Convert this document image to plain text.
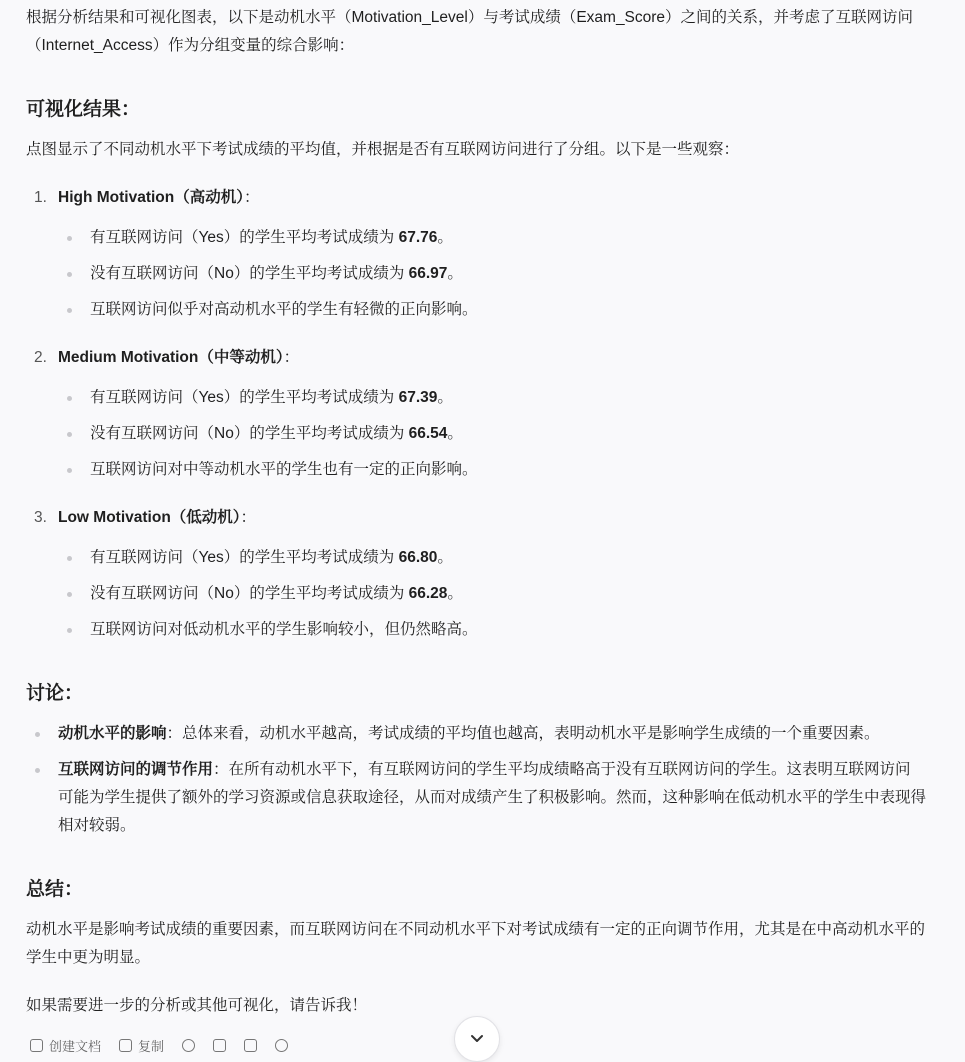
根据分析结果和可视化图表，以下是动机水平（Motivation_Level）与考试成绩（Exam_Score）之间的关系，并考虑了互联网访问（Internet_Access）作为分组变量的综合影响：

可视化结果：

点图显示了不同动机水平下考试成绩的平均值，并根据是否有互联网访问进行了分组。以下是一些观察：

1. High Motivation（高动机）：
有互联网访问（Yes）的学生平均考试成绩为 67.76。
没有互联网访问（No）的学生平均考试成绩为 66.97。
互联网访问似乎对高动机水平的学生有轻微的正向影响。
2. Medium Motivation（中等动机）：
有互联网访问（Yes）的学生平均考试成绩为 67.39。
没有互联网访问（No）的学生平均考试成绩为 66.54。
互联网访问对中等动机水平的学生也有一定的正向影响。
3. Low Motivation（低动机）：
有互联网访问（Yes）的学生平均考试成绩为 66.80。
没有互联网访问（No）的学生平均考试成绩为 66.28。
互联网访问对低动机水平的学生影响较小，但仍然略高。
讨论：
动机水平的影响：总体来看，动机水平越高，考试成绩的平均值也越高，表明动机水平是影响学生成绩的一个重要因素。
互联网访问的调节作用：在所有动机水平下，有互联网访问的学生平均成绩略高于没有互联网访问的学生。这表明互联网访问可能为学生提供了额外的学习资源或信息获取途径，从而对成绩产生了积极影响。然而，这种影响在低动机水平的学生中表现得相对较弱。
总结：

动机水平是影响考试成绩的重要因素，而互联网访问在不同动机水平下对考试成绩有一定的正向调节作用，尤其是在中高动机水平的学生中更为明显。

如果需要进一步的分析或其他可视化，请告诉我！

创建文档	复制
